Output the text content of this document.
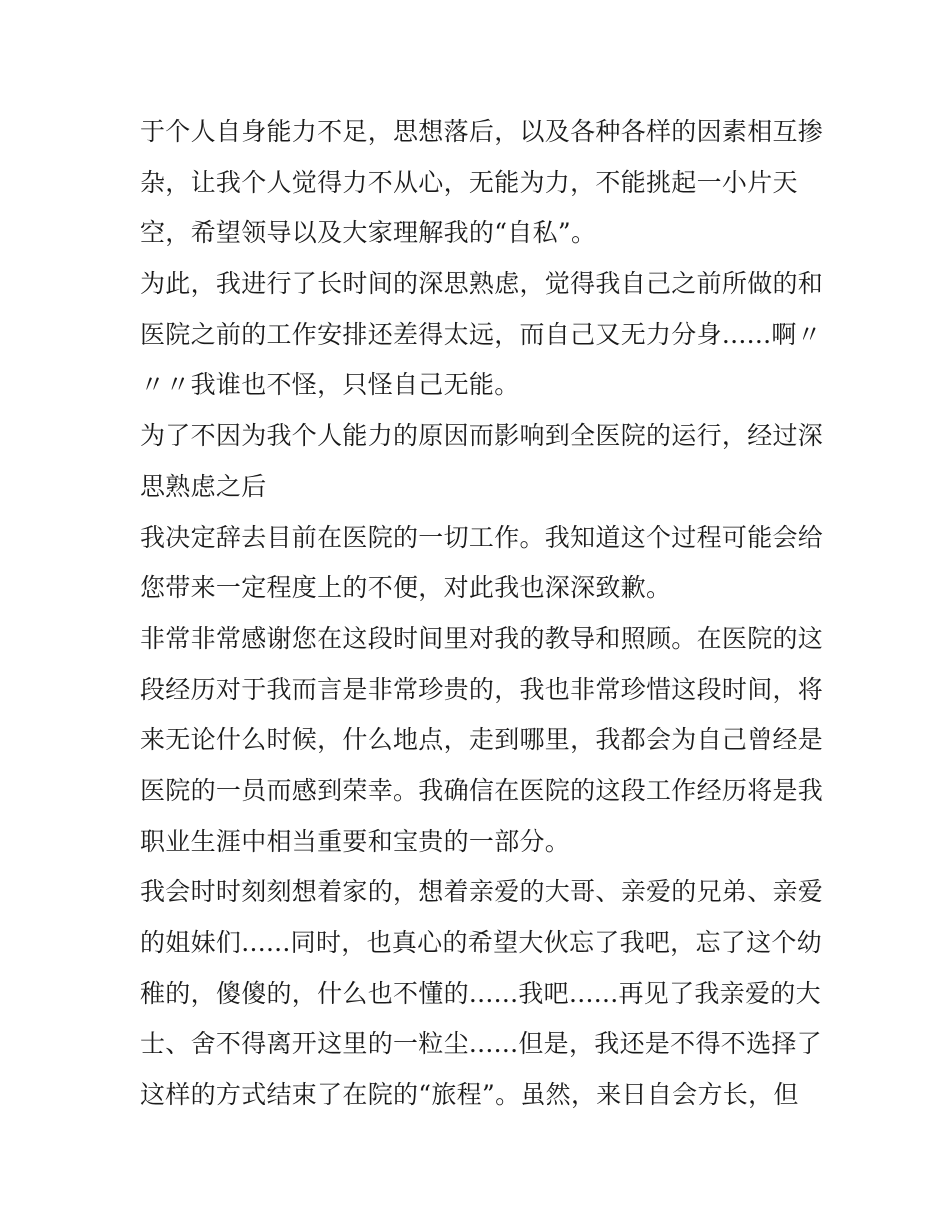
于个人自身能力不足，思想落后，以及各种各样的因素相互掺
杂，让我个人觉得力不从心，无能为力，不能挑起一小片天
空，希望领导以及大家理解我的“自私”。
为此，我进行了长时间的深思熟虑，觉得我自己之前所做的和
医院之前的工作安排还差得太远，而自己又无力分身......啊〃
〃〃我谁也不怪，只怪自己无能。
为了不因为我个人能力的原因而影响到全医院的运行，经过深
思熟虑之后
我决定辞去目前在医院的一切工作。我知道这个过程可能会给
您带来一定程度上的不便，对此我也深深致歉。
非常非常感谢您在这段时间里对我的教导和照顾。在医院的这
段经历对于我而言是非常珍贵的，我也非常珍惜这段时间，将
来无论什么时候，什么地点，走到哪里，我都会为自己曾经是
医院的一员而感到荣幸。我确信在医院的这段工作经历将是我
职业生涯中相当重要和宝贵的一部分。
我会时时刻刻想着家的，想着亲爱的大哥、亲爱的兄弟、亲爱
的姐妹们......同时，也真心的希望大伙忘了我吧，忘了这个幼
稚的，傻傻的，什么也不懂的......我吧......再见了我亲爱的大
士、舍不得离开这里的一粒尘......但是，我还是不得不选择了
这样的方式结束了在院的“旅程”。虽然，来日自会方长，但
